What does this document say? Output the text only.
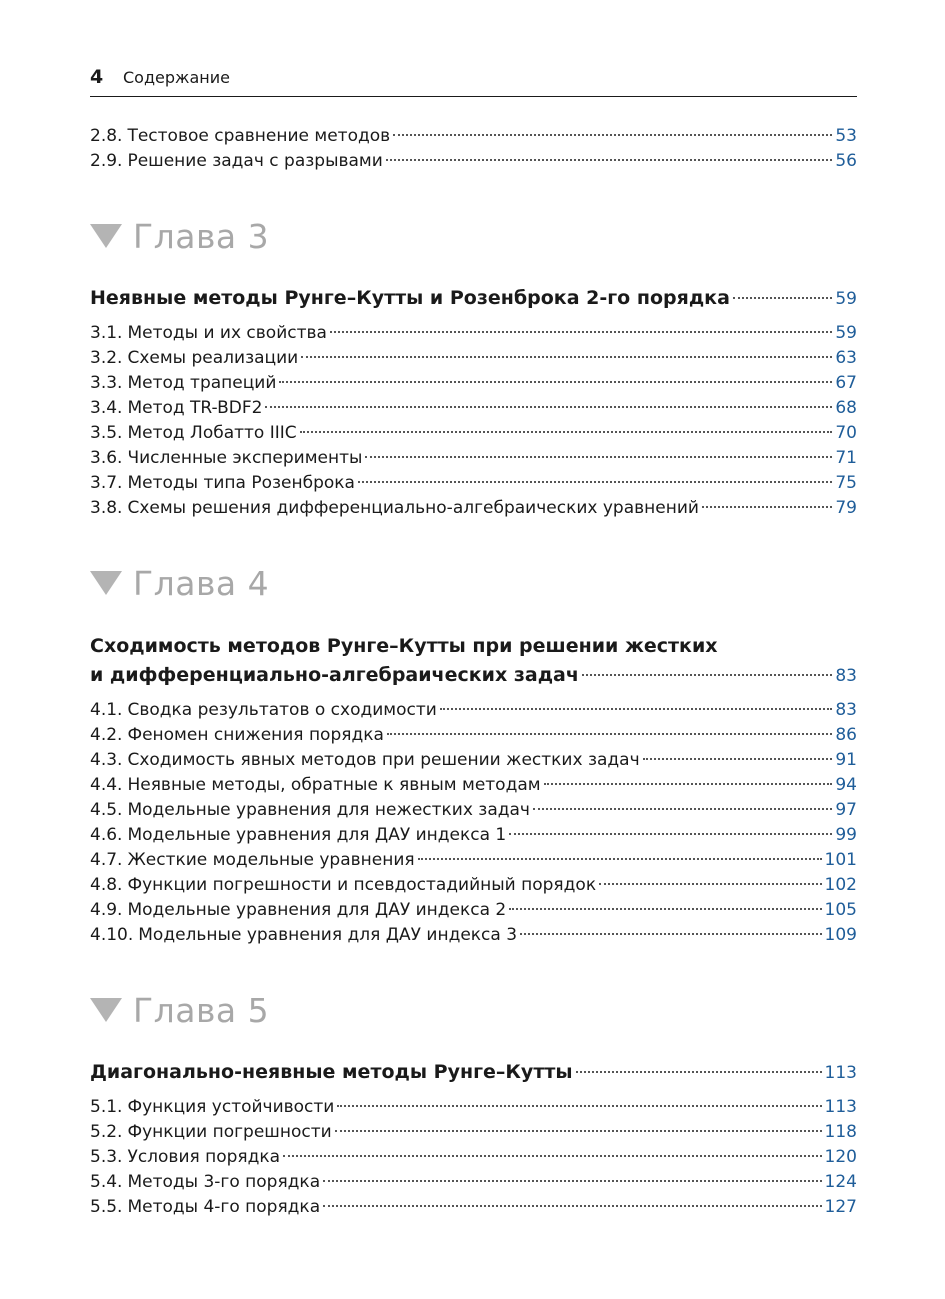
4 Содержание
2.8. Тестовое сравнение методов	53
2.9. Решение задач с разрывами	56
Глава 3
Неявные методы Рунге–Кутты и Розенброка 2-го порядка	59
3.1. Методы и их свойства	59
3.2. Схемы реализации	63
3.3. Метод трапеций	67
3.4. Метод TR-BDF2	68
3.5. Метод Лобатто IIIC	70
3.6. Численные эксперименты	71
3.7. Методы типа Розенброка	75
3.8. Схемы решения дифференциально-алгебраических уравнений	79
Глава 4
Сходимость методов Рунге–Кутты при решении жестких
и дифференциально-алгебраических задач	83
4.1. Сводка результатов о сходимости	83
4.2. Феномен снижения порядка	86
4.3. Сходимость явных методов при решении жестких задач	91
4.4. Неявные методы, обратные к явным методам	94
4.5. Модельные уравнения для нежестких задач	97
4.6. Модельные уравнения для ДАУ индекса 1	99
4.7. Жесткие модельные уравнения	101
4.8. Функции погрешности и псевдостадийный порядок	102
4.9. Модельные уравнения для ДАУ индекса 2	105
4.10. Модельные уравнения для ДАУ индекса 3	109
Глава 5
Диагонально-неявные методы Рунге–Кутты	113
5.1. Функция устойчивости	113
5.2. Функции погрешности	118
5.3. Условия порядка	120
5.4. Методы 3-го порядка	124
5.5. Методы 4-го порядка	127
